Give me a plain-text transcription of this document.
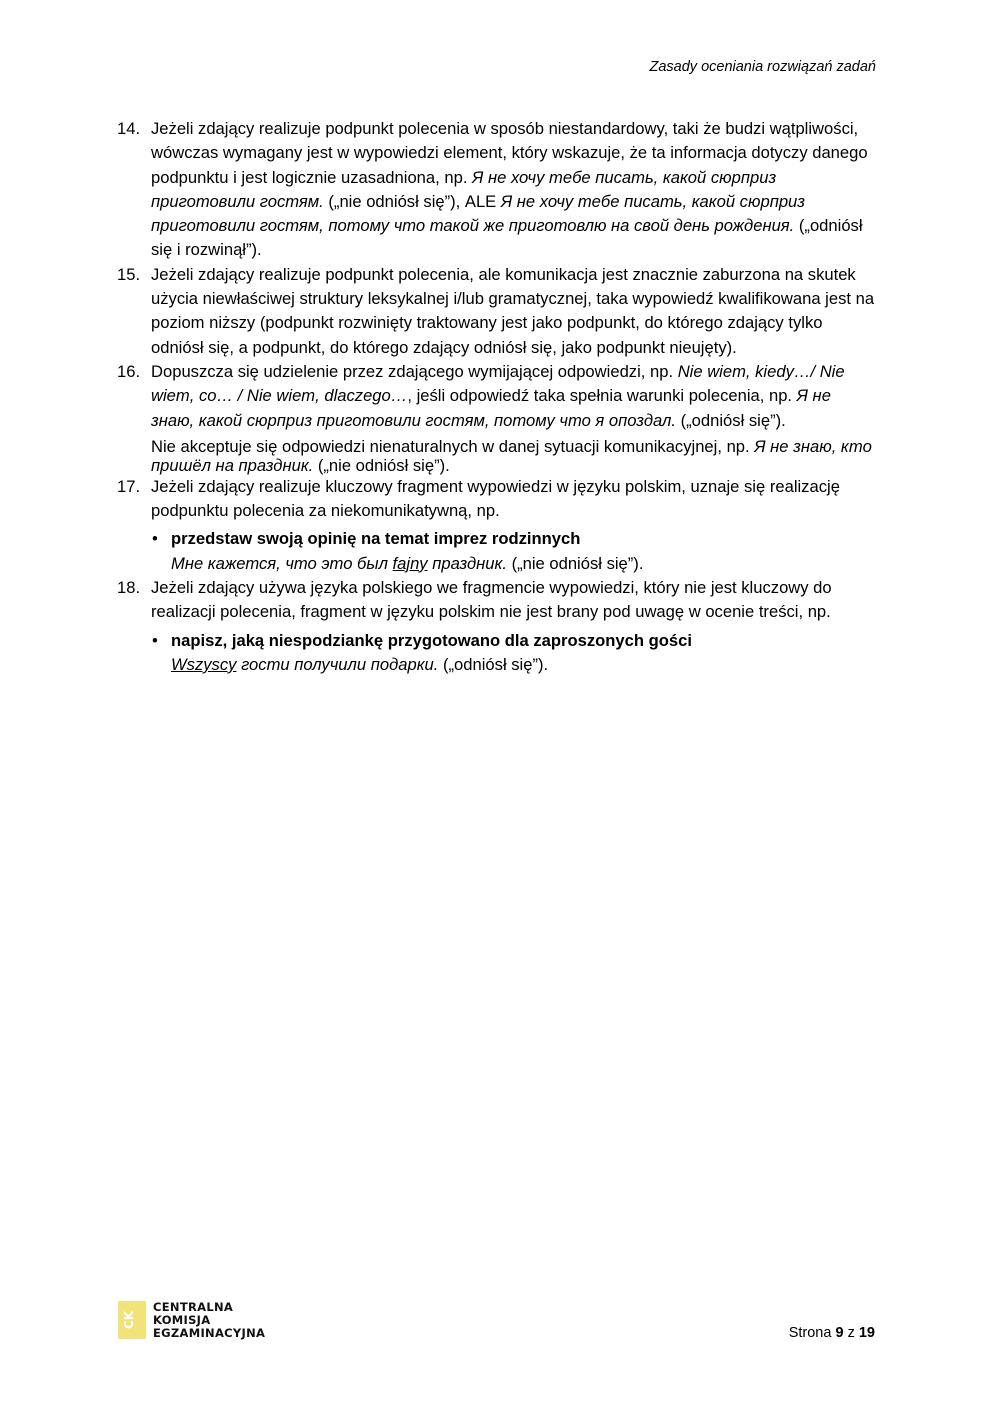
Zasady oceniania rozwiązań zadań
14. Jeżeli zdający realizuje podpunkt polecenia w sposób niestandardowy, taki że budzi wątpliwości, wówczas wymagany jest w wypowiedzi element, który wskazuje, że ta informacja dotyczy danego podpunktu i jest logicznie uzasadniona, np. Я не хочу тебе писать, какой сюрприз приготовили гостям. („nie odniósł się”), ALE Я не хочу тебе писать, какой сюрприз приготовили гостям, потому что такой же приготовлю на свой день рождения. („odniósł się i rozwinął”).

15. Jeżeli zdający realizuje podpunkt polecenia, ale komunikacja jest znacznie zaburzona na skutek użycia niewłaściwej struktury leksykalnej i/lub gramatycznej, taka wypowiedź kwalifikowana jest na poziom niższy (podpunkt rozwinięty traktowany jest jako podpunkt, do którego zdający tylko odniósł się, a podpunkt, do którego zdający odniósł się, jako podpunkt nieujęty).

16. Dopuszcza się udzielenie przez zdającego wymijającej odpowiedzi, np. Nie wiem, kiedy…/ Nie wiem, co… / Nie wiem, dlaczego…, jeśli odpowiedź taka spełnia warunki polecenia, np. Я не знаю, какой сюрприз приготовили гостям, потому что я опоздал. („odniósł się”).

Nie akceptuje się odpowiedzi nienaturalnych w danej sytuacji komunikacyjnej, np. Я не знаю, кто пришёл на праздник. („nie odniósł się”).

17. Jeżeli zdający realizuje kluczowy fragment wypowiedzi w języku polskim, uznaje się realizację podpunktu polecenia za niekomunikatywną, np.

• przedstaw swoją opinię na temat imprez rodzinnych
Мне кажется, что это был fajny праздник. („nie odniósł się”).
18. Jeżeli zdający używa języka polskiego we fragmencie wypowiedzi, który nie jest kluczowy do realizacji polecenia, fragment w języku polskim nie jest brany pod uwagę w ocenie treści, np.

• napisz, jaką niespodziankę przygotowano dla zaproszonych gości
Wszyscy гости получили подарки. („odniósł się”).
CK
CENTRALNA
KOMISJA
EGZAMINACYJNA	Strona 9 z 19
